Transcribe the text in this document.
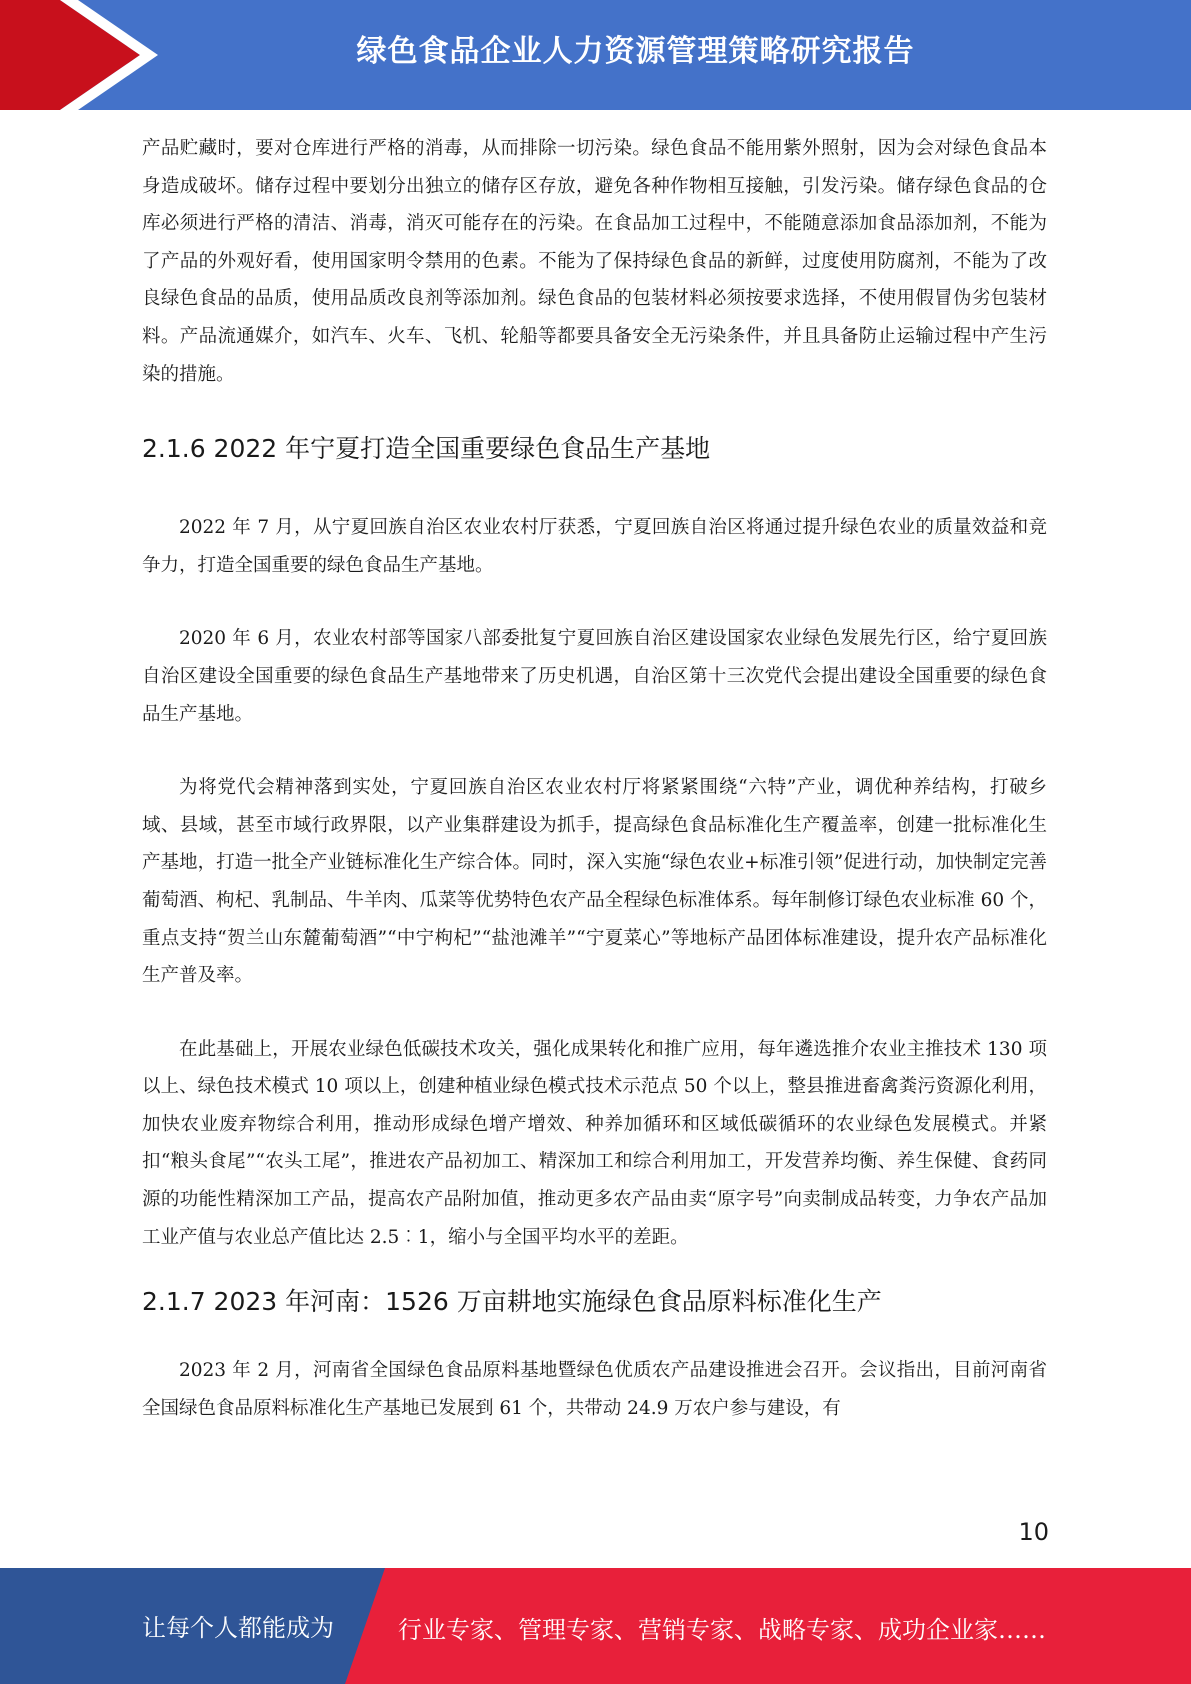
绿色食品企业人力资源管理策略研究报告

产品贮藏时，要对仓库进行严格的消毒，从而排除一切污染。绿色食品不能用紫外照射，因为会对绿色食品本身造成破坏。储存过程中要划分出独立的储存区存放，避免各种作物相互接触，引发污染。储存绿色食品的仓库必须进行严格的清洁、消毒，消灭可能存在的污染。在食品加工过程中，不能随意添加食品添加剂，不能为了产品的外观好看，使用国家明令禁用的色素。不能为了保持绿色食品的新鲜，过度使用防腐剂，不能为了改良绿色食品的品质，使用品质改良剂等添加剂。绿色食品的包装材料必须按要求选择，不使用假冒伪劣包装材料。产品流通媒介，如汽车、火车、飞机、轮船等都要具备安全无污染条件，并且具备防止运输过程中产生污染的措施。

2.1.6 2022 年宁夏打造全国重要绿色食品生产基地

2022 年 7 月，从宁夏回族自治区农业农村厅获悉，宁夏回族自治区将通过提升绿色农业的质量效益和竞争力，打造全国重要的绿色食品生产基地。

2020 年 6 月，农业农村部等国家八部委批复宁夏回族自治区建设国家农业绿色发展先行区，给宁夏回族自治区建设全国重要的绿色食品生产基地带来了历史机遇，自治区第十三次党代会提出建设全国重要的绿色食品生产基地。

为将党代会精神落到实处，宁夏回族自治区农业农村厅将紧紧围绕“六特”产业，调优种养结构，打破乡域、县域，甚至市域行政界限，以产业集群建设为抓手，提高绿色食品标准化生产覆盖率，创建一批标准化生产基地，打造一批全产业链标准化生产综合体。同时，深入实施“绿色农业+标准引领”促进行动，加快制定完善葡萄酒、枸杞、乳制品、牛羊肉、瓜菜等优势特色农产品全程绿色标准体系。每年制修订绿色农业标准 60 个，重点支持“贺兰山东麓葡萄酒”“中宁枸杞”“盐池滩羊”“宁夏菜心”等地标产品团体标准建设，提升农产品标准化生产普及率。

在此基础上，开展农业绿色低碳技术攻关，强化成果转化和推广应用，每年遴选推介农业主推技术 130 项以上、绿色技术模式 10 项以上，创建种植业绿色模式技术示范点 50 个以上，整县推进畜禽粪污资源化利用，加快农业废弃物综合利用，推动形成绿色增产增效、种养加循环和区域低碳循环的农业绿色发展模式。并紧扣“粮头食尾”“农头工尾”，推进农产品初加工、精深加工和综合利用加工，开发营养均衡、养生保健、食药同源的功能性精深加工产品，提高农产品附加值，推动更多农产品由卖“原字号”向卖制成品转变，力争农产品加工业产值与农业总产值比达 2.5︰1，缩小与全国平均水平的差距。

2.1.7 2023 年河南：1526 万亩耕地实施绿色食品原料标准化生产

2023 年 2 月，河南省全国绿色食品原料基地暨绿色优质农产品建设推进会召开。会议指出，目前河南省全国绿色食品原料标准化生产基地已发展到 61 个，共带动 24.9 万农户参与建设，有

10
让每个人都能成为	行业专家、管理专家、营销专家、战略专家、成功企业家……
